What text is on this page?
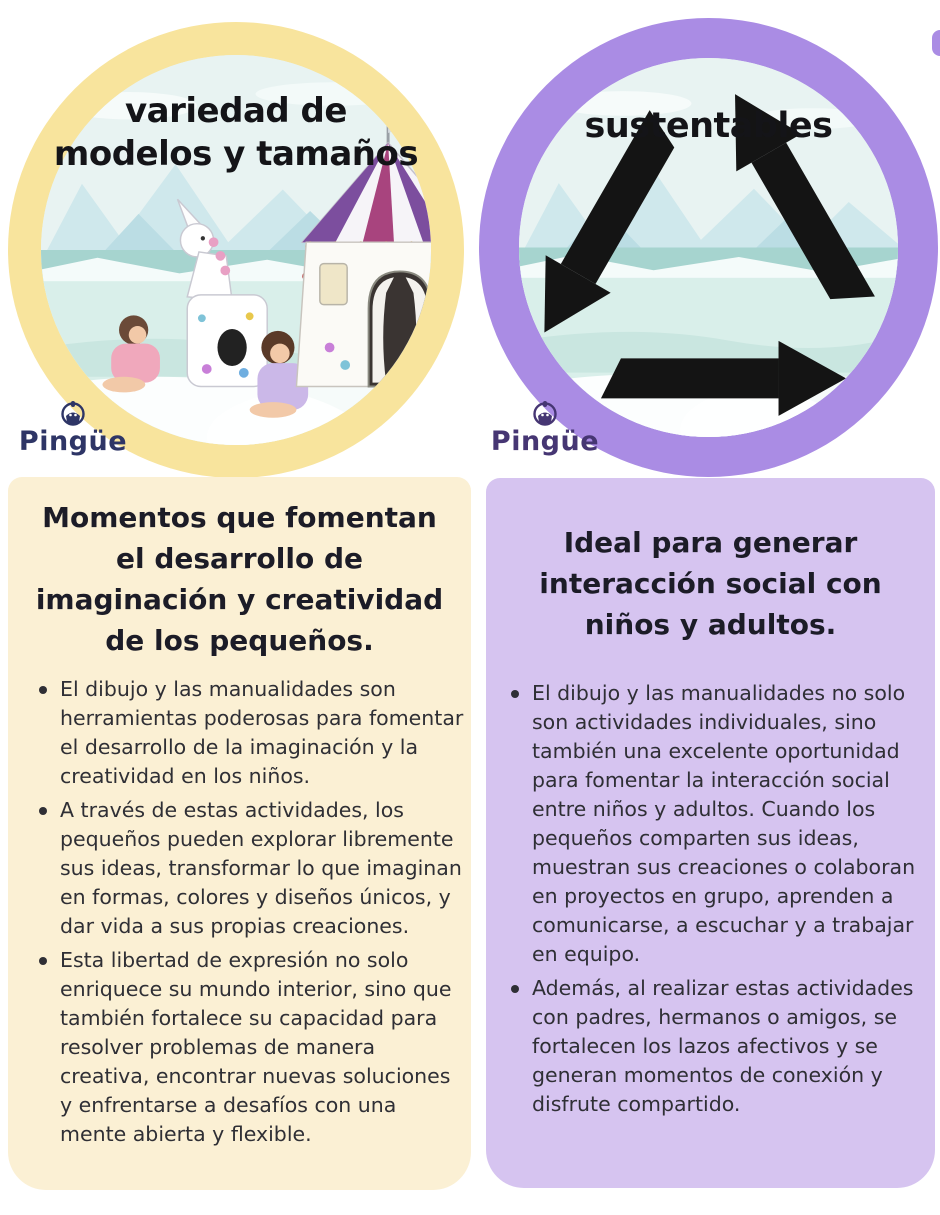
variedad de
modelos y tamaños
Pingüe
Momentos que fomentan
el desarrollo de
imaginación y creatividad
de los pequeños.
El dibujo y las manualidades son herramientas poderosas para fomentar el desarrollo de la imaginación y la creatividad en los niños.
A través de estas actividades, los pequeños pueden explorar libremente sus ideas, transformar lo que imaginan en formas, colores y diseños únicos, y dar vida a sus propias creaciones.
Esta libertad de expresión no solo enriquece su mundo interior, sino que también fortalece su capacidad para resolver problemas de manera creativa, encontrar nuevas soluciones y enfrentarse a desafíos con una mente abierta y flexible.
sustentables
Pingüe
Ideal para generar
interacción social con
niños y adultos.
El dibujo y las manualidades no solo son actividades individuales, sino también una excelente oportunidad para fomentar la interacción social entre niños y adultos. Cuando los pequeños comparten sus ideas, muestran sus creaciones o colaboran en proyectos en grupo, aprenden a comunicarse, a escuchar y a trabajar en equipo.
Además, al realizar estas actividades con padres, hermanos o amigos, se fortalecen los lazos afectivos y se generan momentos de conexión y disfrute compartido.
